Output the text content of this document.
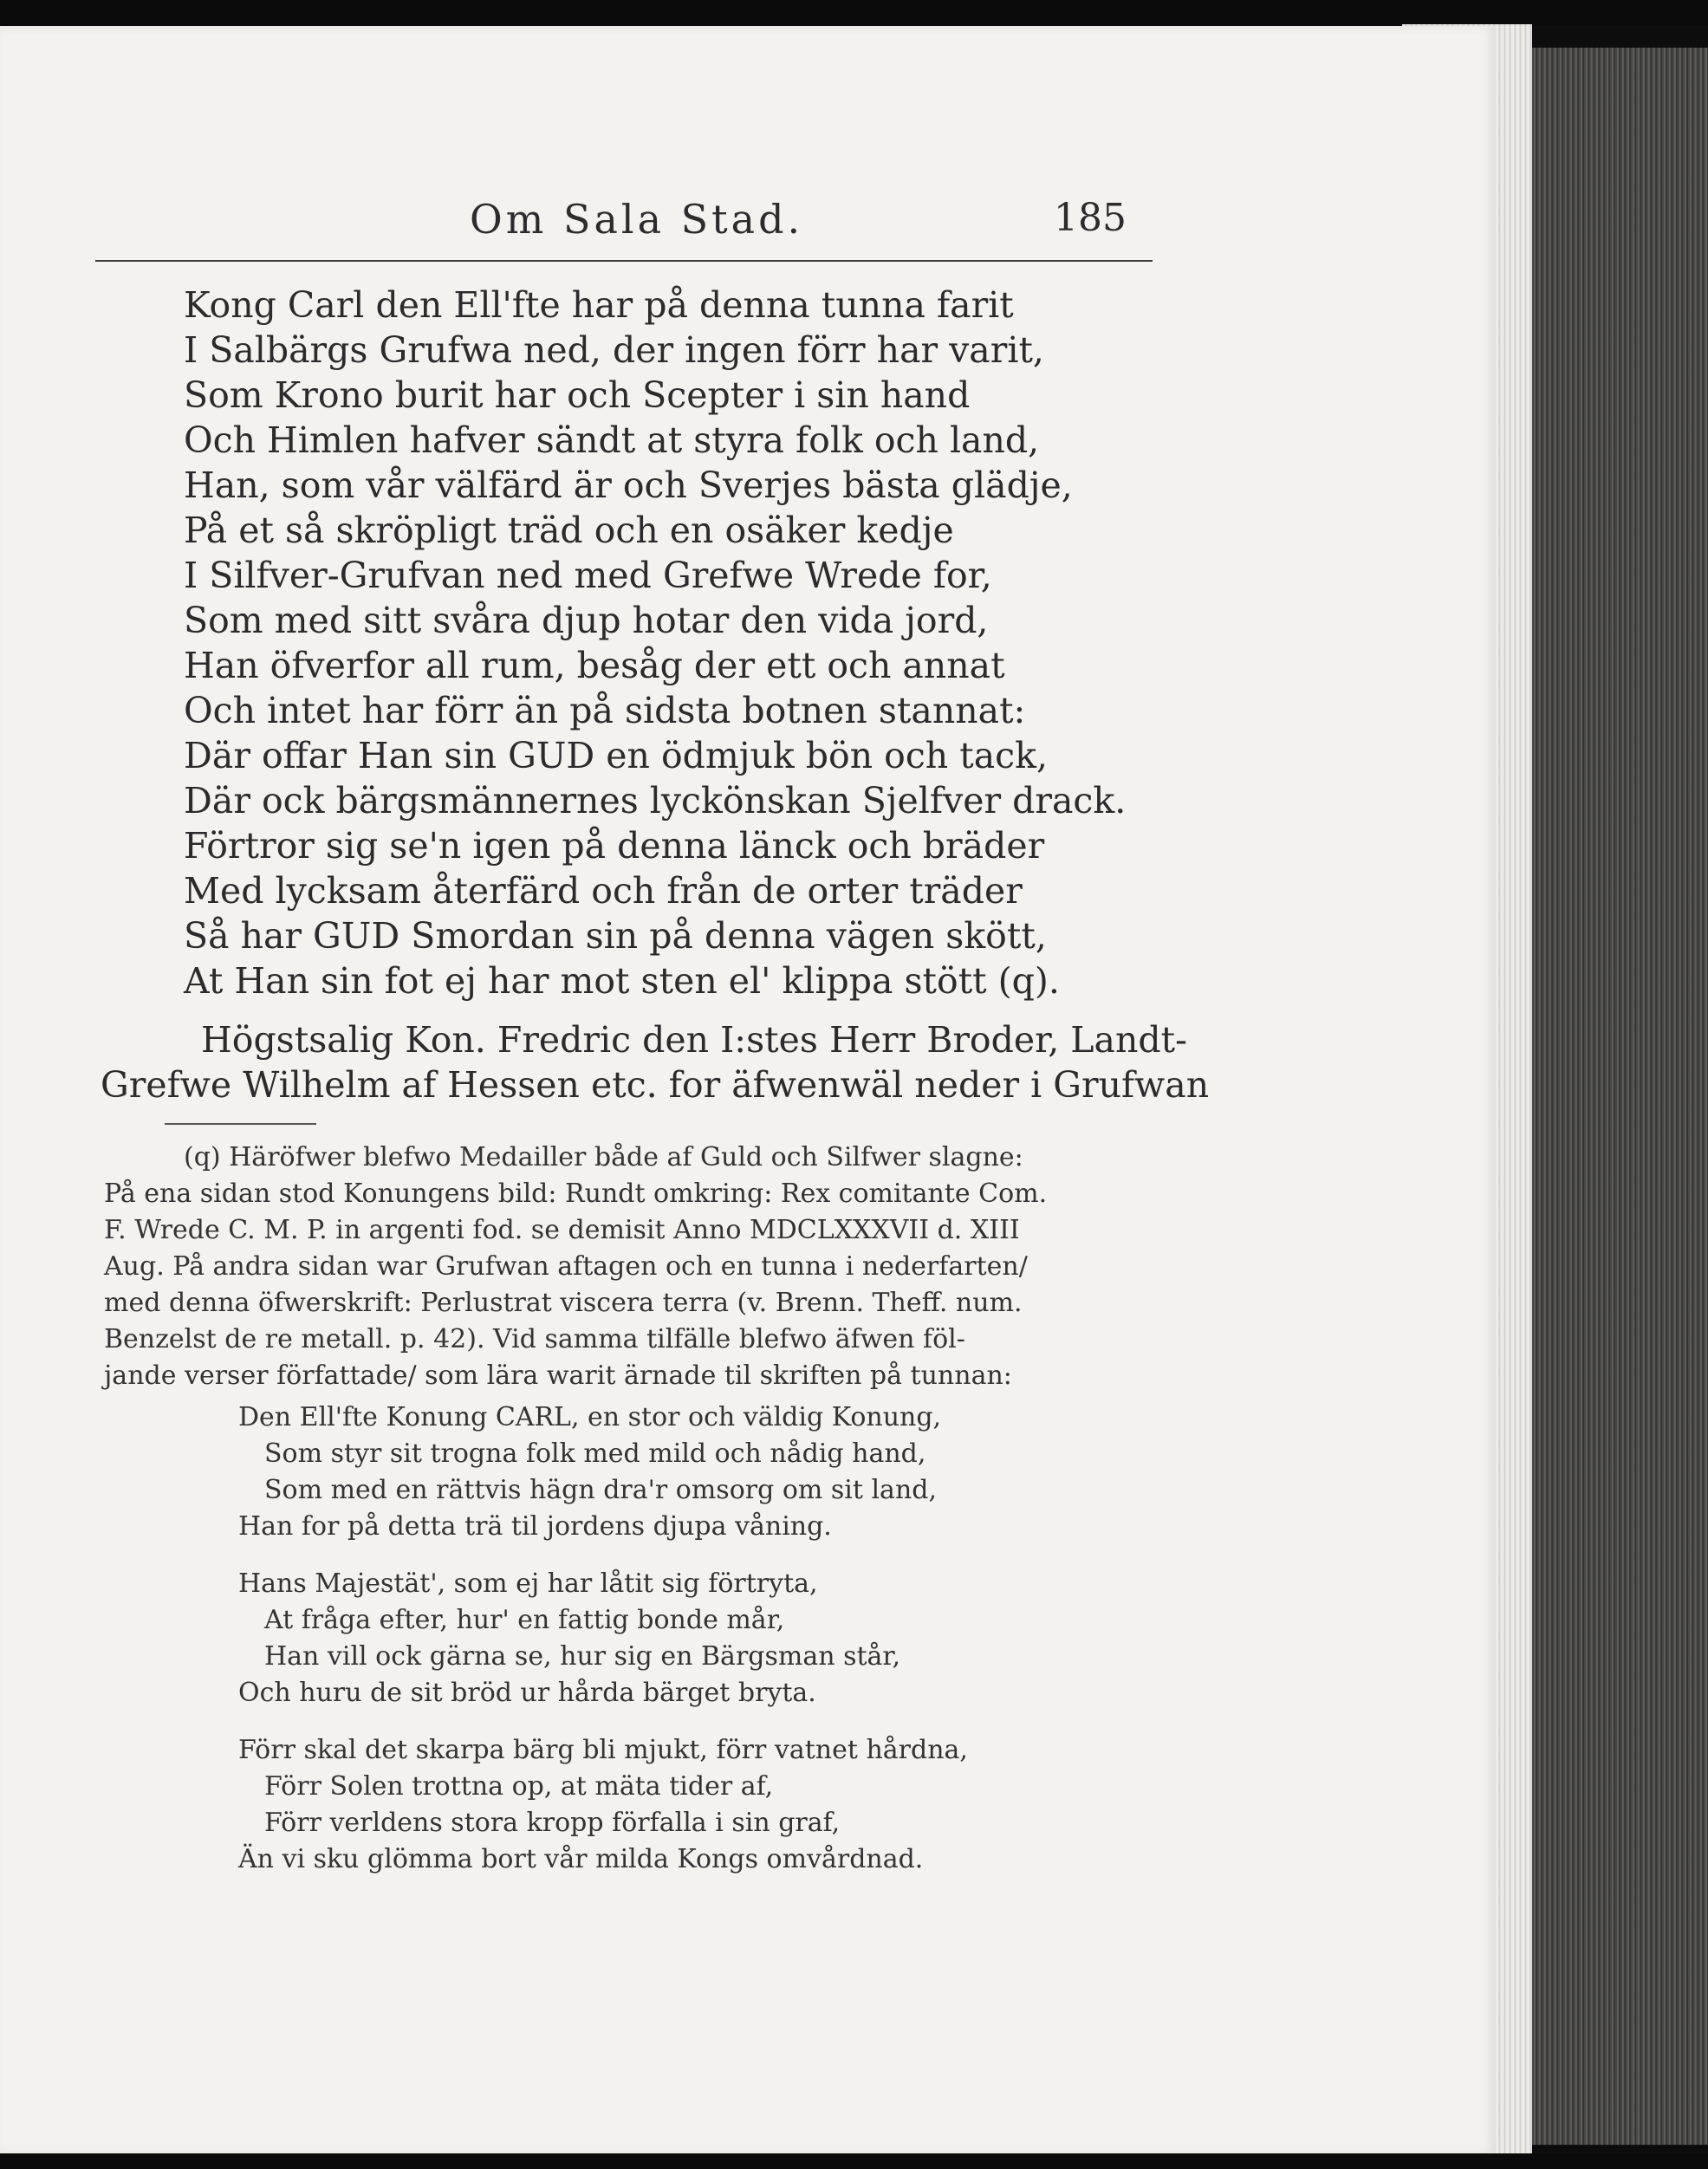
Om Sala Stad.	185
Kong Carl den Ell'fte har på denna tunna farit
I Salbärgs Grufwa ned, der ingen förr har varit,
Som Krono burit har och Scepter i sin hand
Och Himlen hafver sändt at styra folk och land,
Han, som vår välfärd är och Sverjes bästa glädje,
På et så skröpligt träd och en osäker kedje
I Silfver-Grufvan ned med Grefwe Wrede for,
Som med sitt svåra djup hotar den vida jord,
Han öfverfor all rum, besåg der ett och annat
Och intet har förr än på sidsta botnen stannat:
Där offar Han sin GUD en ödmjuk bön och tack,
Där ock bärgsmännernes lyckönskan Sjelfver drack.
Förtror sig se'n igen på denna länck och bräder
Med lycksam återfärd och från de orter träder
Så har GUD Smordan sin på denna vägen skött,
At Han sin fot ej har mot sten el' klippa stött (q).
Högstsalig Kon. Fredric den I:stes Herr Broder, Landt-
Grefwe Wilhelm af Hessen etc. for äfwenwäl neder i Grufwan
(q) Häröfwer blefwo Medailler både af Guld och Silfwer slagne:
På ena sidan stod Konungens bild: Rundt omkring: Rex comitante Com.
F. Wrede C. M. P. in argenti fod. se demisit Anno MDCLXXXVII d. XIII
Aug. På andra sidan war Grufwan aftagen och en tunna i nederfarten/
med denna öfwerskrift: Perlustrat viscera terra (v. Brenn. Theff. num.
Benzelst de re metall. p. 42). Vid samma tilfälle blefwo äfwen föl-
jande verser författade/ som lära warit ärnade til skriften på tunnan:
Den Ell'fte Konung CARL, en stor och väldig Konung,
Som styr sit trogna folk med mild och nådig hand,
Som med en rättvis hägn dra'r omsorg om sit land,
Han for på detta trä til jordens djupa våning.
Hans Majestät', som ej har låtit sig förtryta,
At fråga efter, hur' en fattig bonde mår,
Han vill ock gärna se, hur sig en Bärgsman står,
Och huru de sit bröd ur hårda bärget bryta.
Förr skal det skarpa bärg bli mjukt, förr vatnet hårdna,
Förr Solen trottna op, at mäta tider af,
Förr verldens stora kropp förfalla i sin graf,
Än vi sku glömma bort vår milda Kongs omvårdnad.
